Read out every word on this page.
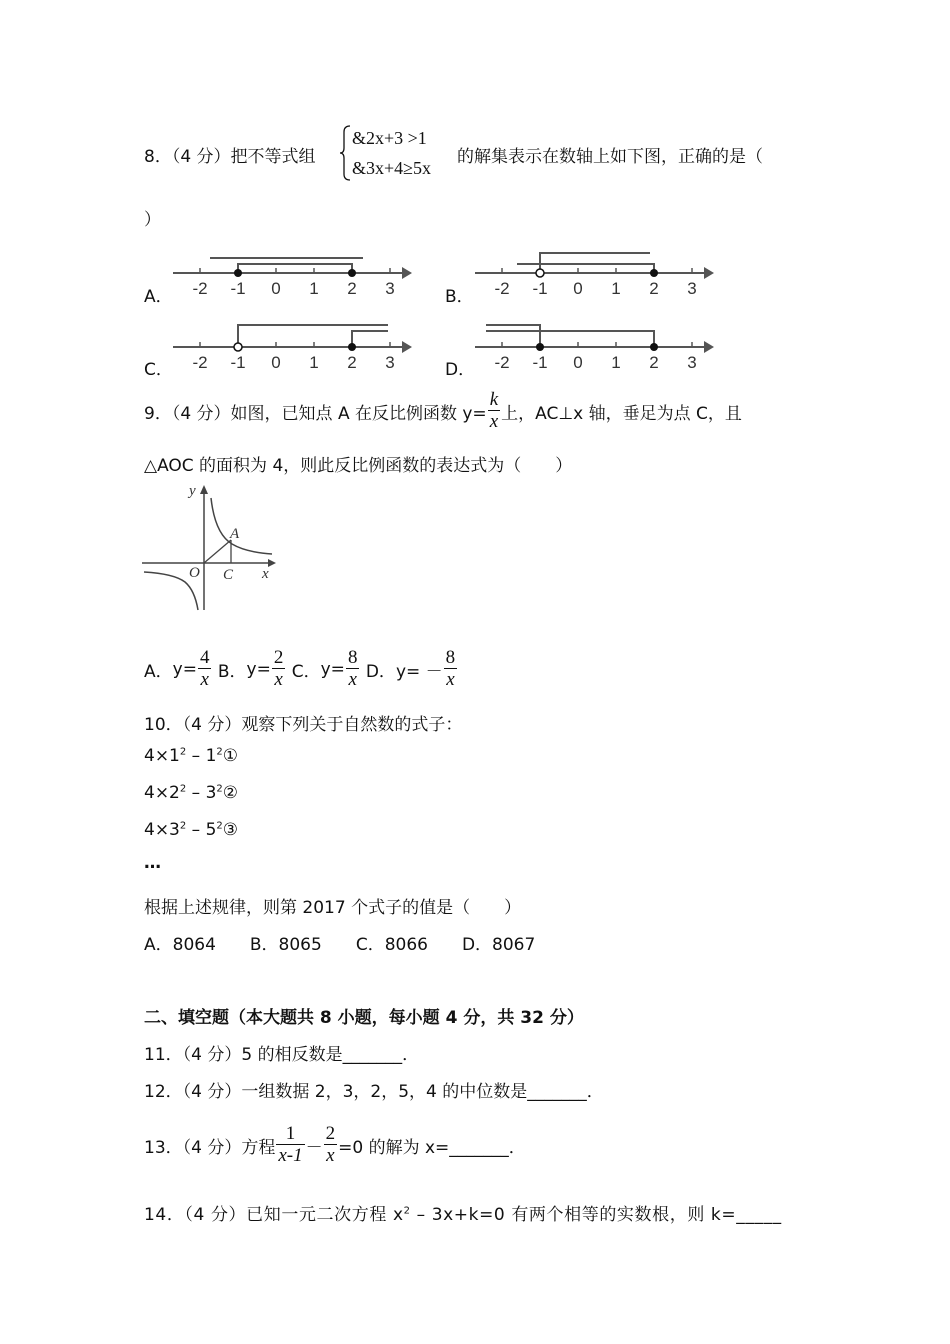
8．（4 分）把不等式组
&2x+3 >1
&3x+4≥5x
的解集表示在数轴上如下图，正确的是（
）
A．	B．
C．	D．
-2 -1 0 1 2 3	-2 -1 0 1 2 3
-2 -1 0 1 2 3	-2 -1 0 1 2 3
9．（4 分）如图，已知点 A 在反比例函数 $y= \frac{k}{x}$ 上，AC⊥x 轴，垂足为点 C，且
△AOC 的面积为 4，则此反比例函数的表达式为（　　）
y
x
O C
A
A．$y= \frac{4}{x}$ B．$y= \frac{2}{x}$ C．$y= \frac{8}{x}$ D．$y= - \frac{8}{x}$
10．（4 分）观察下列关于自然数的式子：
$4\times 1^2$ – $1^2①$
$4\times 2^2$ – $3^2②$
$4\times 3^2$ – $5^2③$
…
根据上述规律，则第 2017 个式子的值是（　　）
A．8064　　B．8065　　C．8066　　D．8067
二、填空题（本大题共 8 小题，每小题 4 分，共 32 分）
11．（4 分）5 的相反数是_______．
12．（4 分）一组数据 2，3，2，5，4 的中位数是_______．
13．（4 分）方程 $\frac{1}{x-1} - \frac{2}{x} =0$ 的解为 x=_______．
14．（4 分）已知一元二次方程 $x^2 - 3x+k=0$ 有两个相等的实数根，则 k=_____
